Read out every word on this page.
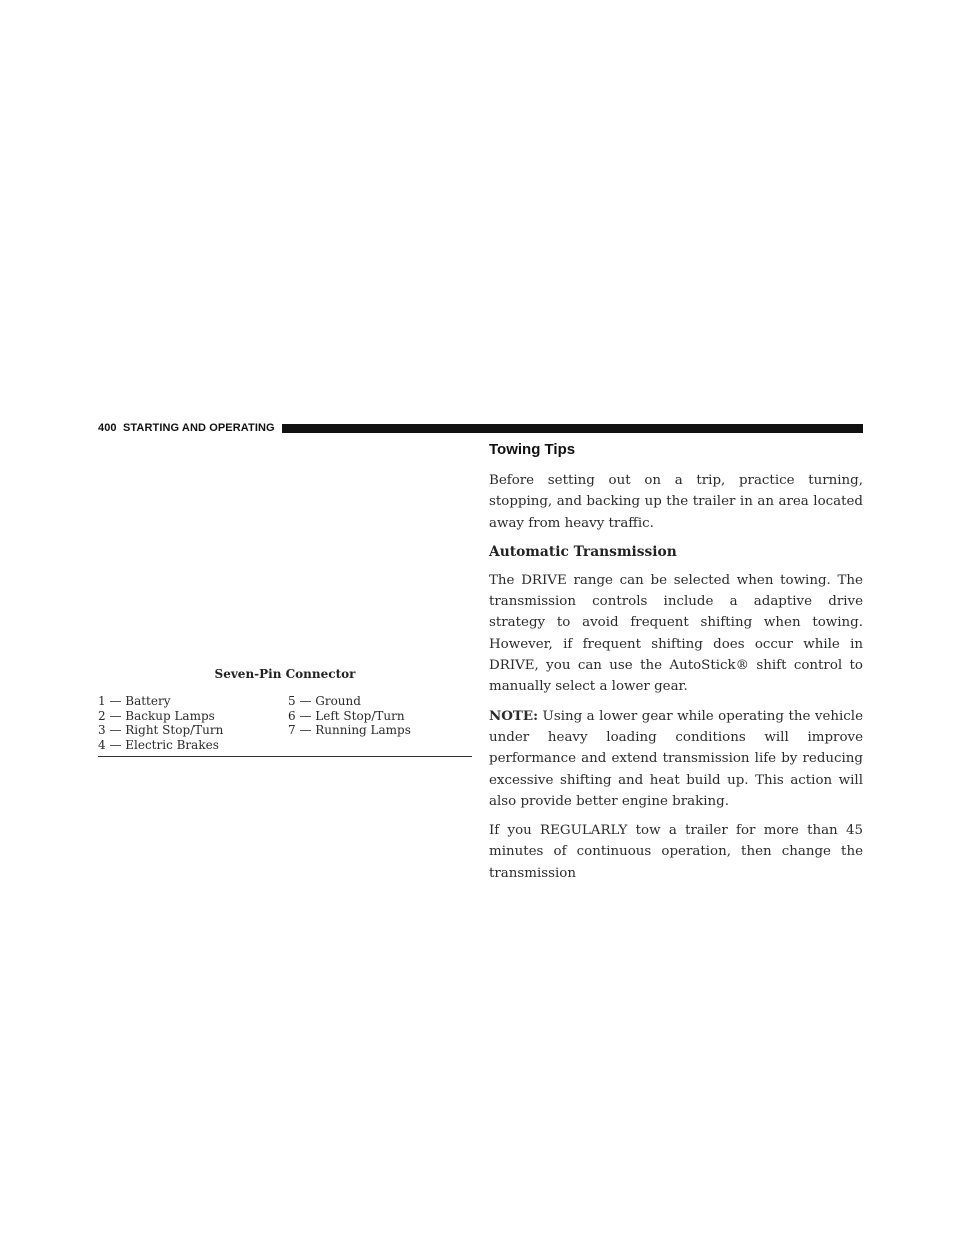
400 STARTING AND OPERATING
Seven-Pin Connector
1 — Battery	5 — Ground
2 — Backup Lamps	6 — Left Stop/Turn
3 — Right Stop/Turn	7 — Running Lamps
4 — Electric Brakes
Towing Tips

Before setting out on a trip, practice turning, stopping, and backing up the trailer in an area located away from heavy traffic.

Automatic Transmission

The DRIVE range can be selected when towing. The transmission controls include a adaptive drive strategy to avoid frequent shifting when towing. However, if frequent shifting does occur while in DRIVE, you can use the AutoStick® shift control to manually select a lower gear.

NOTE: Using a lower gear while operating the vehicle under heavy loading conditions will improve performance and extend transmission life by reducing excessive shifting and heat build up. This action will also provide better engine braking.

If you REGULARLY tow a trailer for more than 45 minutes of continuous operation, then change the transmission
